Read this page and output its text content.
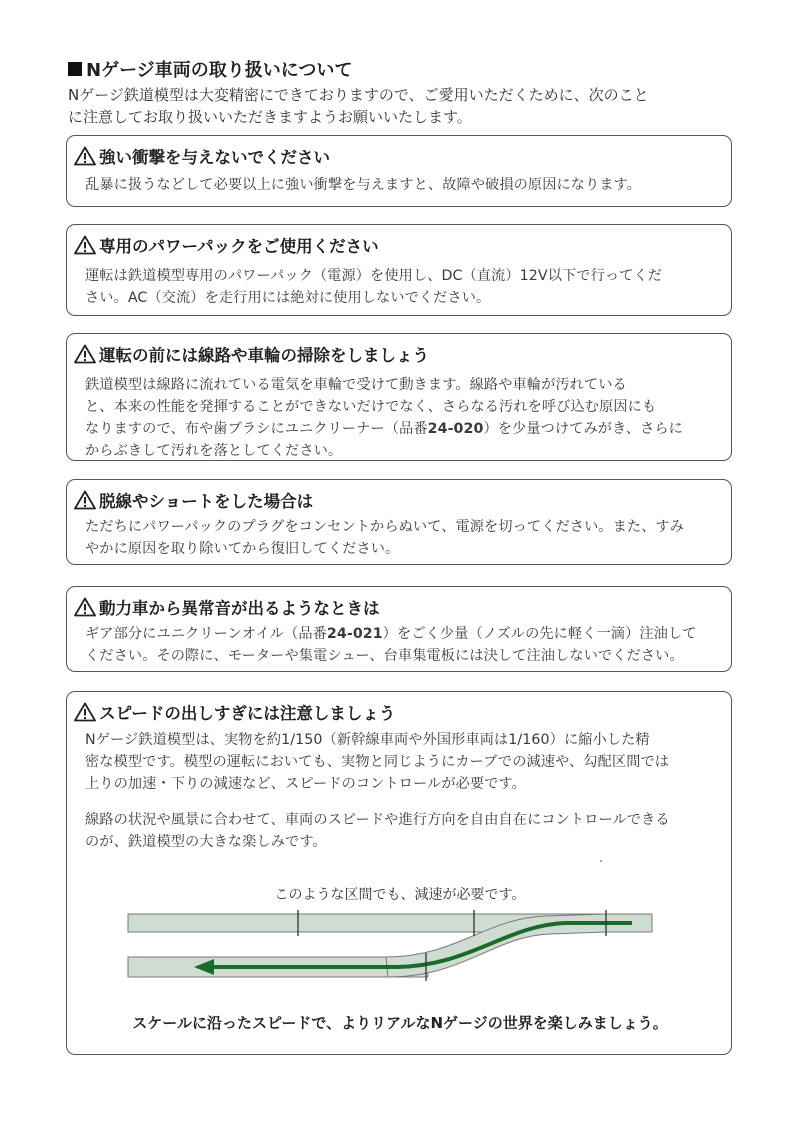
Nゲージ車両の取り扱いについて
Nゲージ鉄道模型は大変精密にできておりますので、ご愛用いただくために、次のこと
に注意してお取り扱いいただきますようお願いいたします。
強い衝撃を与えないでください
乱暴に扱うなどして必要以上に強い衝撃を与えますと、故障や破損の原因になります。
専用のパワーパックをご使用ください
運転は鉄道模型専用のパワーパック（電源）を使用し、DC（直流）12V以下で行ってくだ
さい。AC（交流）を走行用には絶対に使用しないでください。
運転の前には線路や車輪の掃除をしましょう
鉄道模型は線路に流れている電気を車輪で受けて動きます。線路や車輪が汚れている
と、本来の性能を発揮することができないだけでなく、さらなる汚れを呼び込む原因にも
なりますので、布や歯ブラシにユニクリーナー（品番24-020）を少量つけてみがき、さらに
からぶきして汚れを落としてください。
脱線やショートをした場合は
ただちにパワーパックのプラグをコンセントからぬいて、電源を切ってください。また、すみ
やかに原因を取り除いてから復旧してください。
動力車から異常音が出るようなときは
ギア部分にユニクリーンオイル（品番24-021）をごく少量（ノズルの先に軽く一滴）注油して
ください。その際に、モーターや集電シュー、台車集電板には決して注油しないでください。
スピードの出しすぎには注意しましょう
Nゲージ鉄道模型は、実物を約1/150（新幹線車両や外国形車両は1/160）に縮小した精
密な模型です。模型の運転においても、実物と同じようにカーブでの減速や、勾配区間では
上りの加速・下りの減速など、スピードのコントロールが必要です。
線路の状況や風景に合わせて、車両のスピードや進行方向を自由自在にコントロールできる
のが、鉄道模型の大きな楽しみです。
このような区間でも、減速が必要です。
スケールに沿ったスピードで、よりリアルなNゲージの世界を楽しみましょう。
